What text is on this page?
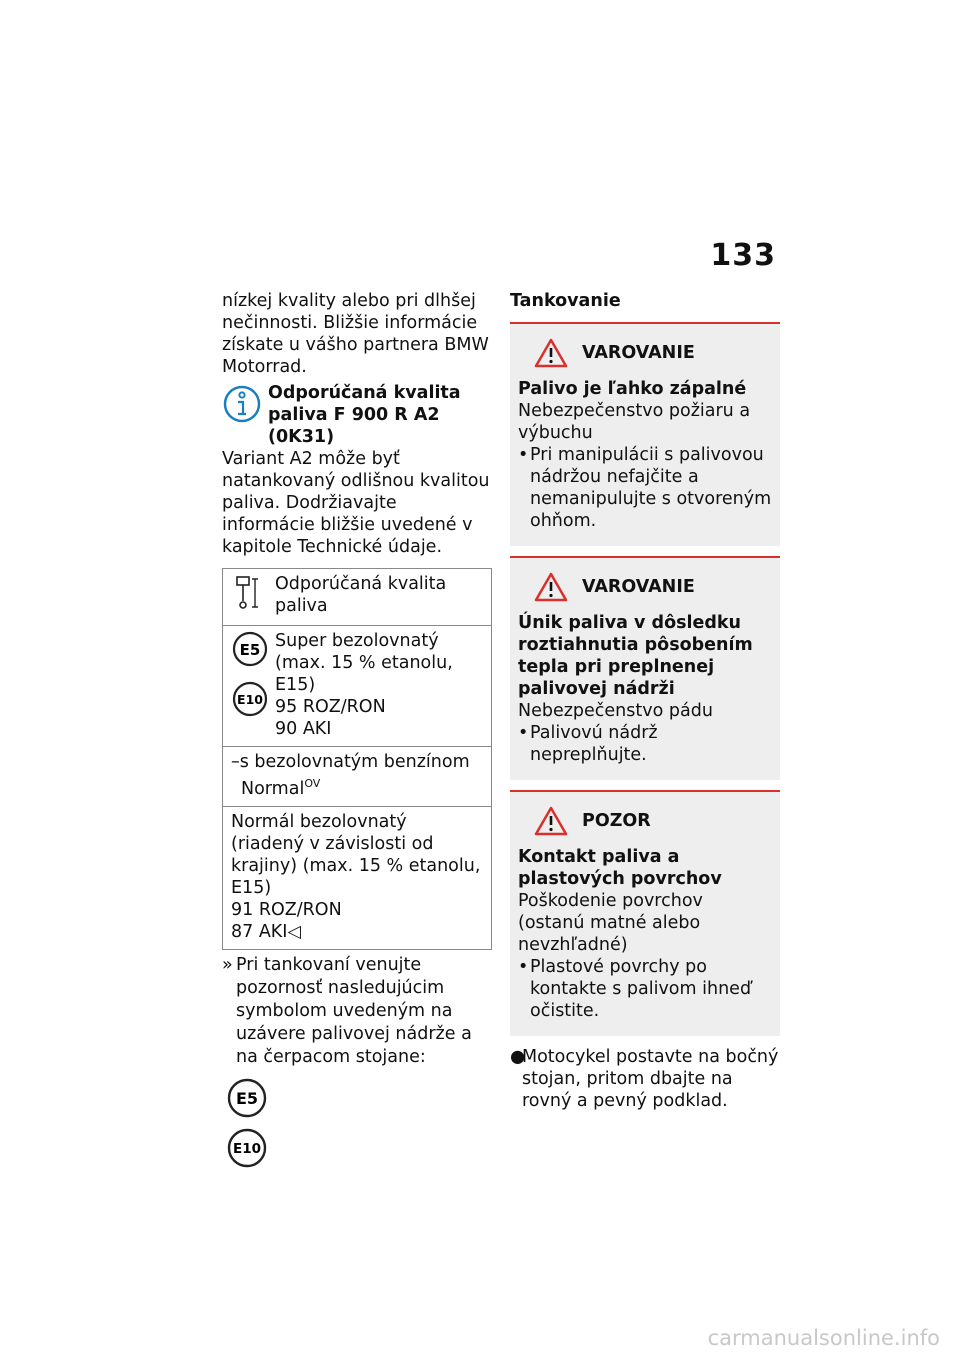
133

nízkej kvality alebo pri dlhšej nečinnosti. Bližšie informácie získate u vášho partnera BMW Motorrad.

Odporúčaná kvalita paliva F 900 R A2 (0K31)

Variant A2 môže byť natankovaný odlišnou kvalitou paliva. Dodržiavajte informácie bližšie uvedené v kapitole Technické údaje.

Odporúčaná kvalita paliva

E5

E10
Super bezolovnatý (max. 15 % etanolu, E15)
95 ROZ/RON
90 AKI

–s bezolovnatým benzínom
Normal$^{OV}$

Normál bezolovnatý (riadený v závislosti od krajiny) (max. 15 % etanolu, E15)
91 ROZ/RON
87 AKI◁
» Pri tankovaní venujte pozornosť nasledujúcim symbolom uvedeným na uzávere palivovej nádrže a na čerpacom stojane:
E5
E10
Tankovanie
VAROVANIE
Palivo je ľahko zápalné
Nebezpečenstvo požiaru a výbuchu
• Pri manipulácii s palivovou nádržou nefajčite a nemanipulujte s otvoreným ohňom.
VAROVANIE
Únik paliva v dôsledku roztiahnutia pôsobením tepla pri preplnenej palivovej nádrži
Nebezpečenstvo pádu
• Palivovú nádrž nepreplňujte.
POZOR
Kontakt paliva a plastových povrchov
Poškodenie povrchov (ostanú matné alebo nevzhľadné)
• Plastové povrchy po kontakte s palivom ihneď očistite.
●
Motocykel postavte na bočný stojan, pritom dbajte na rovný a pevný podklad.
carmanualsonline.info
